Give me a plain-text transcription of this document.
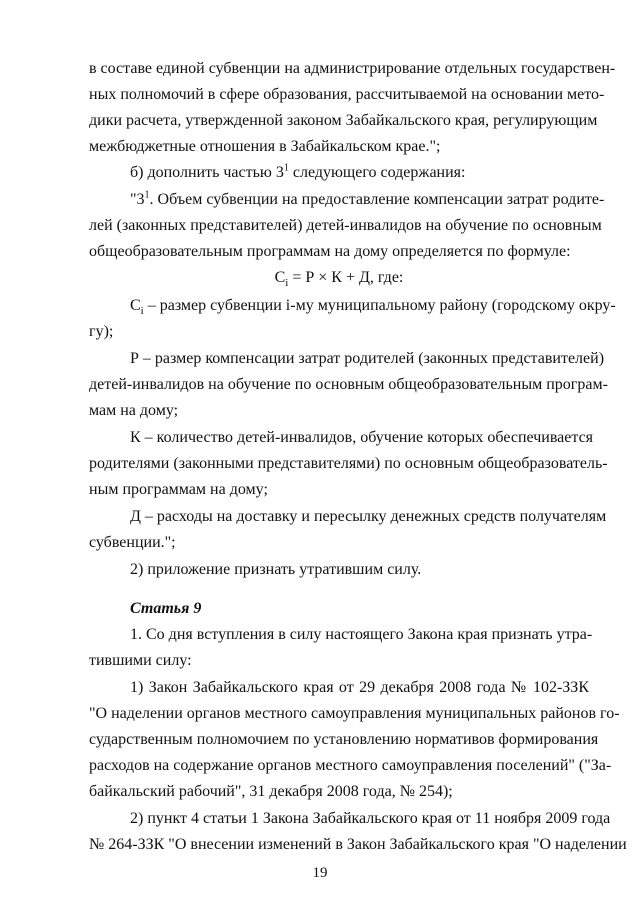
в составе единой субвенции на администрирование отдельных государствен-
ных полномочий в сфере образования, рассчитываемой на основании мето-
дики расчета, утвержденной законом Забайкальского края, регулирующим
межбюджетные отношения в Забайкальском крае.";
б) дополнить частью $3^1$ следующего содержания:
"$3^1$. Объем субвенции на предоставление компенсации затрат родите-
лей (законных представителей) детей-инвалидов на обучение по основным
общеобразовательным программам на дому определяется по формуле:
$C_i = Р \times К + Д$, где:
$C_i$ – размер субвенции i-му муниципальному району (городскому окру-
гу);
Р – размер компенсации затрат родителей (законных представителей)
детей-инвалидов на обучение по основным общеобразовательным програм-
мам на дому;
К – количество детей-инвалидов, обучение которых обеспечивается
родителями (законными представителями) по основным общеобразователь-
ным программам на дому;
Д – расходы на доставку и пересылку денежных средств получателям
субвенции.";
2) приложение признать утратившим силу.
Статья 9
1. Со дня вступления в силу настоящего Закона края признать утра-
тившими силу:
1) Закон Забайкальского края от 29 декабря 2008 года № 102-ЗЗК
"О наделении органов местного самоуправления муниципальных районов го-
сударственным полномочием по установлению нормативов формирования
расходов на содержание органов местного самоуправления поселений" ("За-
байкальский рабочий", 31 декабря 2008 года, № 254);
2) пункт 4 статьи 1 Закона Забайкальского края от 11 ноября 2009 года
№ 264-ЗЗК "О внесении изменений в Закон Забайкальского края "О наделении
19
